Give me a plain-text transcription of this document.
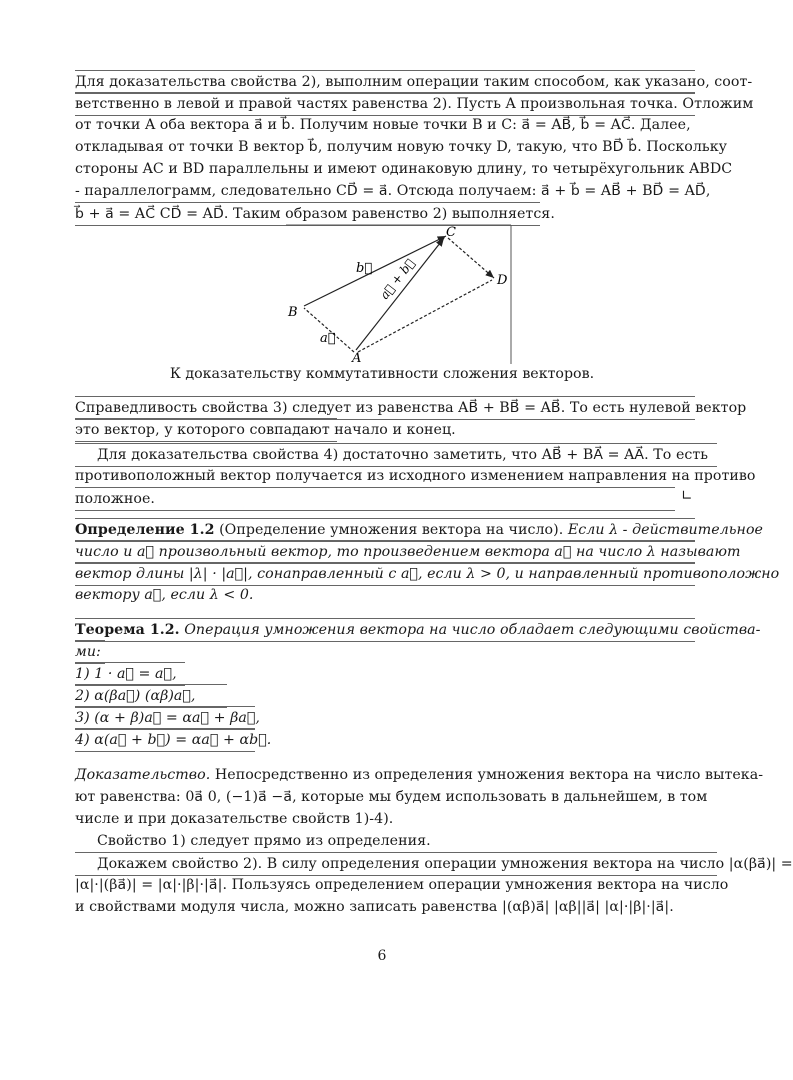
Для доказательства свойства 2), выполним операции таким способом, как указано, соот-
ветственно в левой и правой частях равенства 2). Пусть A произвольная точка. Отложим
от точки A оба вектора a⃗ и b⃗. Получим новые точки B и C: a⃗ = AB⃗, b⃗ = AC⃗. Далее,
откладывая от точки B вектор b⃗, получим новую точку D, такую, что BD⃗ b⃗. Поскольку
стороны AC и BD параллельны и имеют одинаковую длину, то четырёхугольник ABDC
- параллелограмм, следовательно CD⃗ = a⃗. Отсюда получаем: a⃗ + b⃗ = AB⃗ + BD⃗ = AD⃗,
b⃗ + a⃗ = AC⃗ CD⃗ = AD⃗. Таким образом равенство 2) выполняется.
C
D
B
A
a⃗
b⃗ a⃗ + b⃗
К доказательству коммутативности сложения векторов.
Справедливость свойства 3) следует из равенства AB⃗ + BB⃗ = AB⃗. То есть нулевой вектор
это вектор, у которого совпадают начало и конец.
Для доказательства свойства 4) достаточно заметить, что AB⃗ + BA⃗ = AA⃗. То есть
противоположный вектор получается из исходного изменением направления на противо
положное.	∟
Определение 1.2 (Определение умножения вектора на число). Если λ - действительное
число и a⃗ произвольный вектор, то произведением вектора a⃗ на число λ называют
вектор длины |λ| · |a⃗|, сонаправленный с a⃗, если λ > 0, и направленный противоположно
вектору a⃗, если λ < 0.
Теорема 1.2. Операция умножения вектора на число обладает следующими свойства-
ми:
1) 1 · a⃗ = a⃗,
2) α(βa⃗) (αβ)a⃗,
3) (α + β)a⃗ = αa⃗ + βa⃗,
4) α(a⃗ + b⃗) = αa⃗ + αb⃗.
Доказательство. Непосредственно из определения умножения вектора на число вытека-
ют равенства: 0a⃗ 0, (−1)a⃗ −a⃗, которые мы будем использовать в дальнейшем, в том
числе и при доказательстве свойств 1)-4).
Свойство 1) следует прямо из определения.
Докажем свойство 2). В силу определения операции умножения вектора на число |α(βa⃗)| =
|α|·|(βa⃗)| = |α|·|β|·|a⃗|. Пользуясь определением операции умножения вектора на число
и свойствами модуля числа, можно записать равенства |(αβ)a⃗| |αβ||a⃗| |α|·|β|·|a⃗|.
6
